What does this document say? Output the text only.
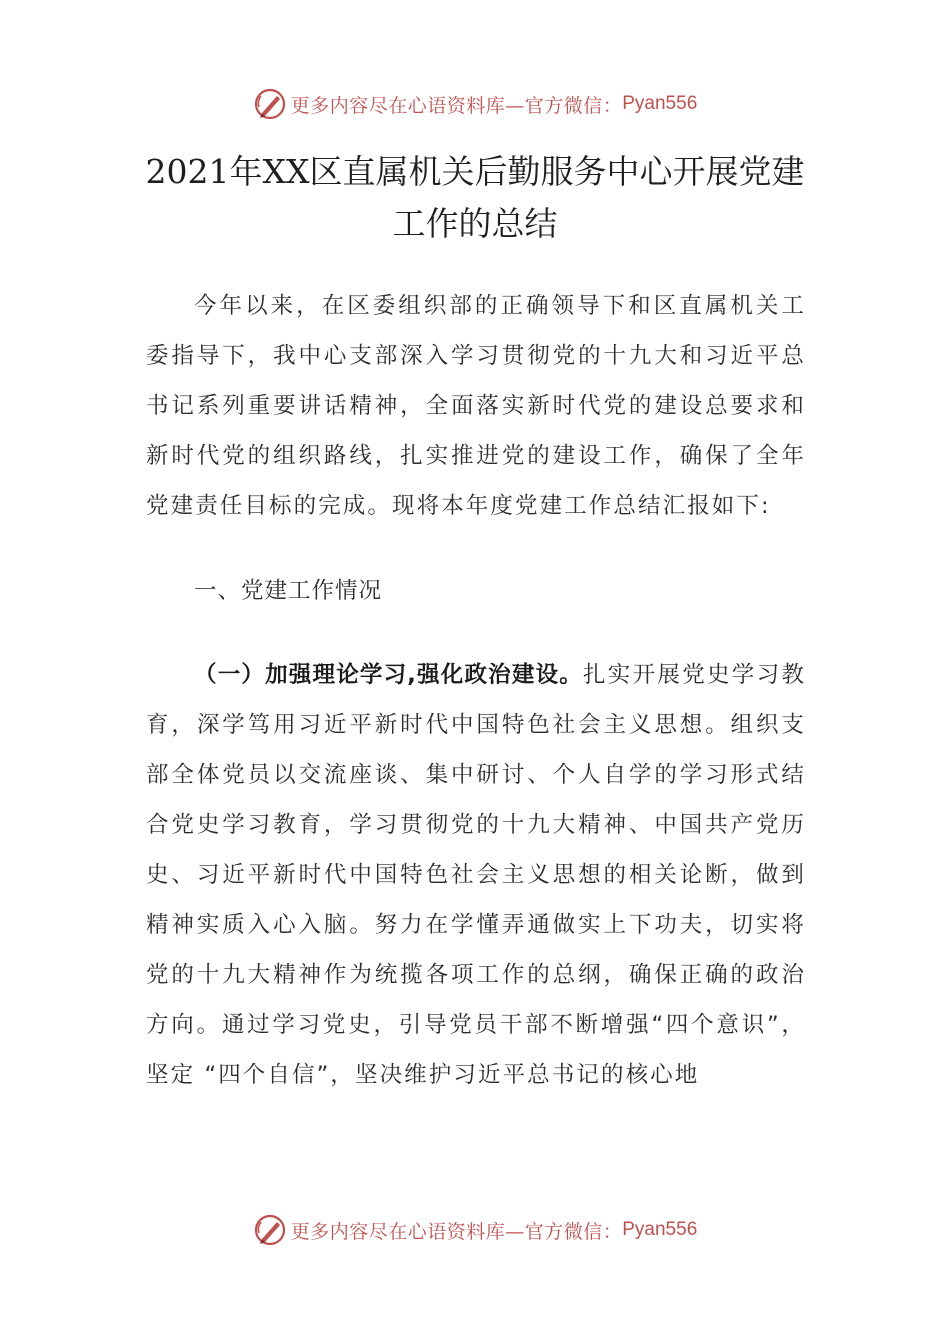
更多内容尽在心语资料库—官方微信： Pyan556
2021年XX区直属机关后勤服务中心开展党建
工作的总结
今年以来，在区委组织部的正确领导下和区直属机关工委指导下，我中心支部深入学习贯彻党的十九大和习近平总书记系列重要讲话精神，全面落实新时代党的建设总要求和新时代党的组织路线，扎实推进党的建设工作，确保了全年党建责任目标的完成。现将本年度党建工作总结汇报如下:
一、党建工作情况
（一）加强理论学习,强化政治建设。扎实开展党史学习教育，深学笃用习近平新时代中国特色社会主义思想。组织支部全体党员以交流座谈、集中研讨、个人自学的学习形式结合党史学习教育，学习贯彻党的十九大精神、中国共产党历史、习近平新时代中国特色社会主义思想的相关论断，做到精神实质入心入脑。努力在学懂弄通做实上下功夫，切实将党的十九大精神作为统揽各项工作的总纲，确保正确的政治方向。通过学习党史，引导党员干部不断增强“四个意识”，坚定 “四个自信”，坚决维护习近平总书记的核心地
更多内容尽在心语资料库—官方微信： Pyan556
